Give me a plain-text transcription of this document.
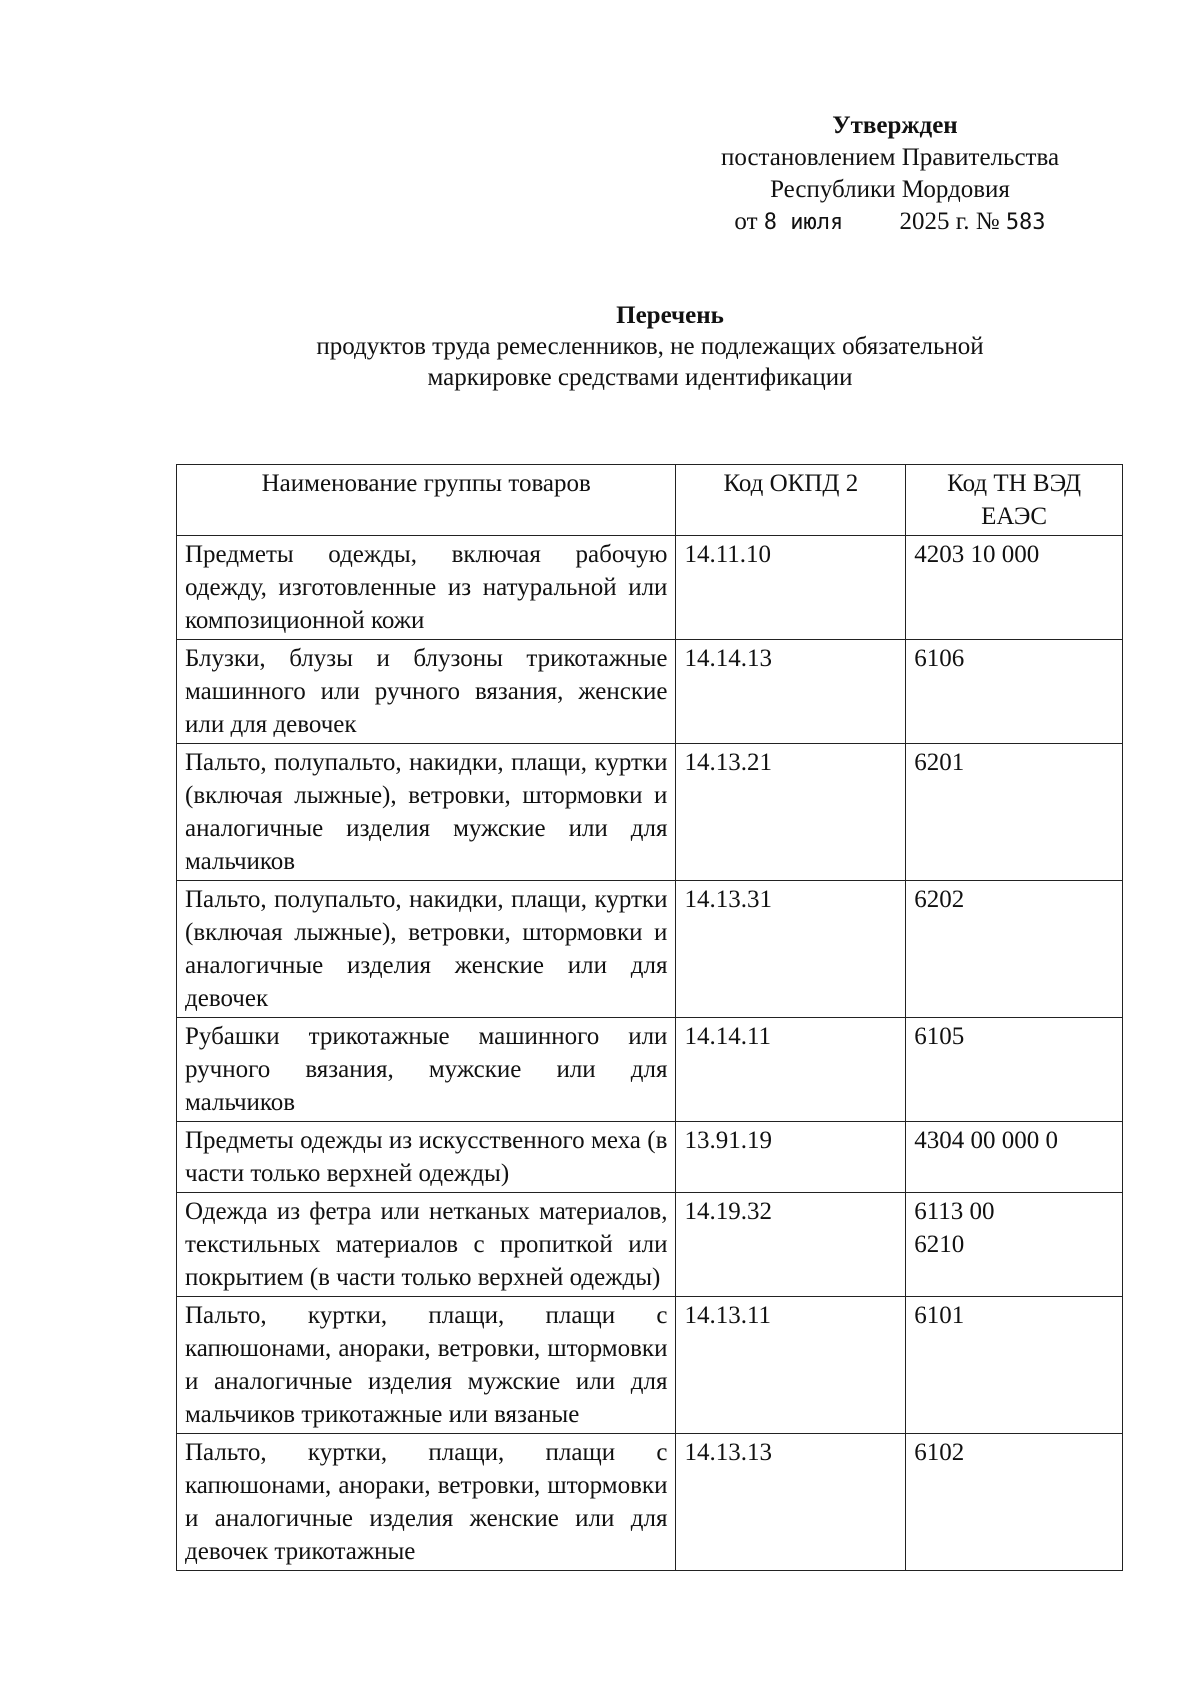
Утвержден
постановлением Правительства
Республики Мордовия
от 8 июля 2025 г. № 583
Перечень
продуктов труда ремесленников, не подлежащих обязательной
маркировке средствами идентификации
Наименование группы товаров	Код ОКПД 2	Код ТН ВЭД ЕАЭС
Предметы одежды, включая рабочую одежду, изготовленные из натуральной или композиционной кожи	14.11.10	4203 10 000

Блузки, блузы и блузоны трикотажные машинного или ручного вязания, женские или для девочек	14.14.13	6106

Пальто, полупальто, накидки, плащи, куртки (включая лыжные), ветровки, штормовки и аналогичные изделия мужские или для мальчиков	14.13.21	6201

Пальто, полупальто, накидки, плащи, куртки (включая лыжные), ветровки, штормовки и аналогичные изделия женские или для девочек	14.13.31	6202

Рубашки трикотажные машинного или ручного вязания, мужские или для мальчиков	14.14.11	6105

Предметы одежды из искусственного меха (в части только верхней одежды)	13.91.19	4304 00 000 0

Одежда из фетра или нетканых материалов, текстильных материалов с пропиткой или покрытием (в части только верхней одежды)	14.19.32	6113 00
6210

Пальто, куртки, плащи, плащи с капюшонами, анораки, ветровки, штормовки и аналогичные изделия мужские или для мальчиков трикотажные или вязаные	14.13.11	6101

Пальто, куртки, плащи, плащи с капюшонами, анораки, ветровки, штормовки и аналогичные изделия женские или для девочек трикотажные	14.13.13	6102
